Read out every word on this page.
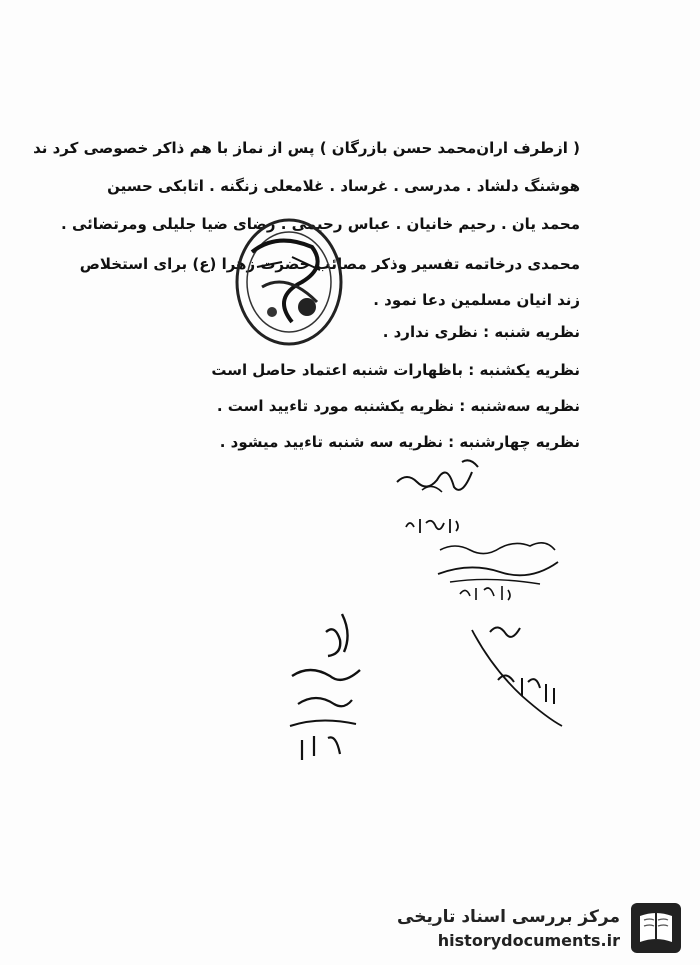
( ازطرف اران‌محمد حسن بازرگان ) پس از نماز با هم ذاکر خصوصی کرد ند
هوشنگ دلشاد . مدرسی . غرساد . غلامعلی زنگنه . اتابکی حسین
محمد یان . رحیم خانیان . عباس رحیمی . رضای ضیا جلیلی ومرتضائی .
محمدی درخاتمه تفسیر وذکر مصائب حضرت زهرا (ع) برای استخلاص
زند انیان مسلمین دعا نمود .
نظریه شنبه : نظری ندارد .
نظریه یکشنبه : باظهارات شنبه اعتماد حاصل است
نظریه سه‌شنبه : نظریه یکشنبه مورد تاءیید است .
نظریه چهارشنبه : نظریه سه شنبه تاءیید میشود .
مرکز بررسی اسناد تاریخی
historydocuments.ir
